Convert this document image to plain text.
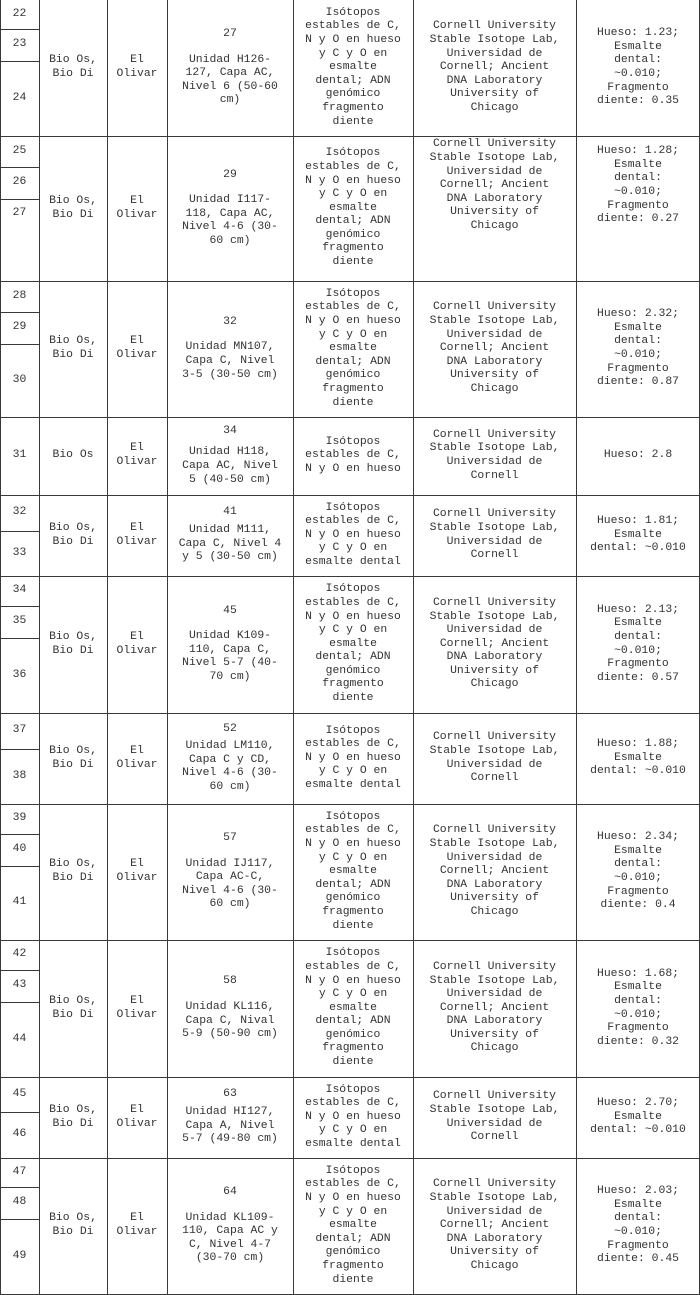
22
23
24
Bio Os,
Bio Di
El
Olivar
27
Unidad H126-
127, Capa AC,
Nivel 6 (50-60
cm)
Isótopos
estables de C,
N y O en hueso
y C y O en
esmalte
dental; ADN
genómico
fragmento
diente
Cornell University
Stable Isotope Lab,
Universidad de
Cornell; Ancient
DNA Laboratory
University of
Chicago
Hueso: 1.23;
Esmalte
dental:
~0.010;
Fragmento
diente: 0.35
25
26
27
Bio Os,
Bio Di
El
Olivar
29
Unidad I117-
118, Capa AC,
Nivel 4-6 (30-
60 cm)
Isótopos
estables de C,
N y O en hueso
y C y O en
esmalte
dental; ADN
genómico
fragmento
diente
Cornell University
Stable Isotope Lab,
Universidad de
Cornell; Ancient
DNA Laboratory
University of
Chicago
Hueso: 1.28;
Esmalte
dental:
~0.010;
Fragmento
diente: 0.27
28
29
30
Bio Os,
Bio Di
El
Olivar
32
Unidad MN107,
Capa C, Nivel
3-5 (30-50 cm)
Isótopos
estables de C,
N y O en hueso
y C y O en
esmalte
dental; ADN
genómico
fragmento
diente
Cornell University
Stable Isotope Lab,
Universidad de
Cornell; Ancient
DNA Laboratory
University of
Chicago
Hueso: 2.32;
Esmalte
dental:
~0.010;
Fragmento
diente: 0.87
31 Bio Os
El
Olivar
34
Unidad H118,
Capa AC, Nivel
5 (40-50 cm)
Isótopos
estables de C,
N y O en hueso
Cornell University
Stable Isotope Lab,
Universidad de
Cornell
Hueso: 2.8
32
33
Bio Os,
Bio Di
El
Olivar
41
Unidad M111,
Capa C, Nivel 4
y 5 (30-50 cm)
Isótopos
estables de C,
N y O en hueso
y C y O en
esmalte dental
Cornell University
Stable Isotope Lab,
Universidad de
Cornell
Hueso: 1.81;
Esmalte
dental: ~0.010
34
35
36
Bio Os,
Bio Di
El
Olivar
45
Unidad K109-
110, Capa C,
Nivel 5-7 (40-
70 cm)
Isótopos
estables de C,
N y O en hueso
y C y O en
esmalte
dental; ADN
genómico
fragmento
diente
Cornell University
Stable Isotope Lab,
Universidad de
Cornell; Ancient
DNA Laboratory
University of
Chicago
Hueso: 2.13;
Esmalte
dental:
~0.010;
Fragmento
diente: 0.57
37
38
Bio Os,
Bio Di
El
Olivar
52
Unidad LM110,
Capa C y CD,
Nivel 4-6 (30-
60 cm)
Isótopos
estables de C,
N y O en hueso
y C y O en
esmalte dental
Cornell University
Stable Isotope Lab,
Universidad de
Cornell
Hueso: 1.88;
Esmalte
dental: ~0.010
39
40
41
Bio Os,
Bio Di
El
Olivar
57
Unidad IJ117,
Capa AC-C,
Nivel 4-6 (30-
60 cm)
Isótopos
estables de C,
N y O en hueso
y C y O en
esmalte
dental; ADN
genómico
fragmento
diente
Cornell University
Stable Isotope Lab,
Universidad de
Cornell; Ancient
DNA Laboratory
University of
Chicago
Hueso: 2.34;
Esmalte
dental:
~0.010;
Fragmento
diente: 0.4
42
43
44
Bio Os,
Bio Di
El
Olivar
58
Unidad KL116,
Capa C, Nival
5-9 (50-90 cm)
Isótopos
estables de C,
N y O en hueso
y C y O en
esmalte
dental; ADN
genómico
fragmento
diente
Cornell University
Stable Isotope Lab,
Universidad de
Cornell; Ancient
DNA Laboratory
University of
Chicago
Hueso: 1.68;
Esmalte
dental:
~0.010;
Fragmento
diente: 0.32
45
46
Bio Os,
Bio Di
El
Olivar
63
Unidad HI127,
Capa A, Nivel
5-7 (49-80 cm)
Isótopos
estables de C,
N y O en hueso
y C y O en
esmalte dental
Cornell University
Stable Isotope Lab,
Universidad de
Cornell
Hueso: 2.70;
Esmalte
dental: ~0.010
47
48
49
Bio Os,
Bio Di
El
Olivar
64
Unidad KL109-
110, Capa AC y
C, Nivel 4-7
(30-70 cm)
Isótopos
estables de C,
N y O en hueso
y C y O en
esmalte
dental; ADN
genómico
fragmento
diente
Cornell University
Stable Isotope Lab,
Universidad de
Cornell; Ancient
DNA Laboratory
University of
Chicago
Hueso: 2.03;
Esmalte
dental:
~0.010;
Fragmento
diente: 0.45
